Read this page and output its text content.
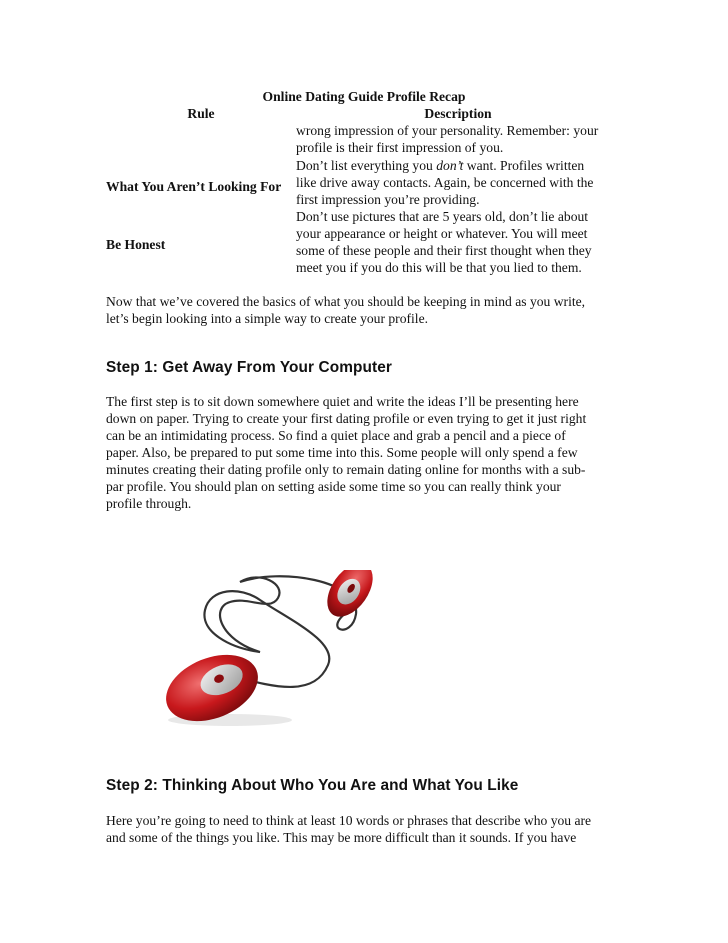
Online Dating Guide Profile Recap
Rule	Description
wrong impression of your personality. Remember: your
profile is their first impression of you.
What You Aren’t Looking For
Don’t list everything you don’t want. Profiles written
like drive away contacts. Again, be concerned with the
first impression you’re providing.
Be Honest
Don’t use pictures that are 5 years old, don’t lie about
your appearance or height or whatever. You will meet
some of these people and their first thought when they
meet you if you do this will be that you lied to them.
Now that we’ve covered the basics of what you should be keeping in mind as you write,
let’s begin looking into a simple way to create your profile.
Step 1: Get Away From Your Computer
The first step is to sit down somewhere quiet and write the ideas I’ll be presenting here
down on paper. Trying to create your first dating profile or even trying to get it just right
can be an intimidating process. So find a quiet place and grab a pencil and a piece of
paper. Also, be prepared to put some time into this. Some people will only spend a few
minutes creating their dating profile only to remain dating online for months with a sub-
par profile. You should plan on setting aside some time so you can really think your
profile through.
Step 2: Thinking About Who You Are and What You Like
Here you’re going to need to think at least 10 words or phrases that describe who you are
and some of the things you like. This may be more difficult than it sounds. If you have
